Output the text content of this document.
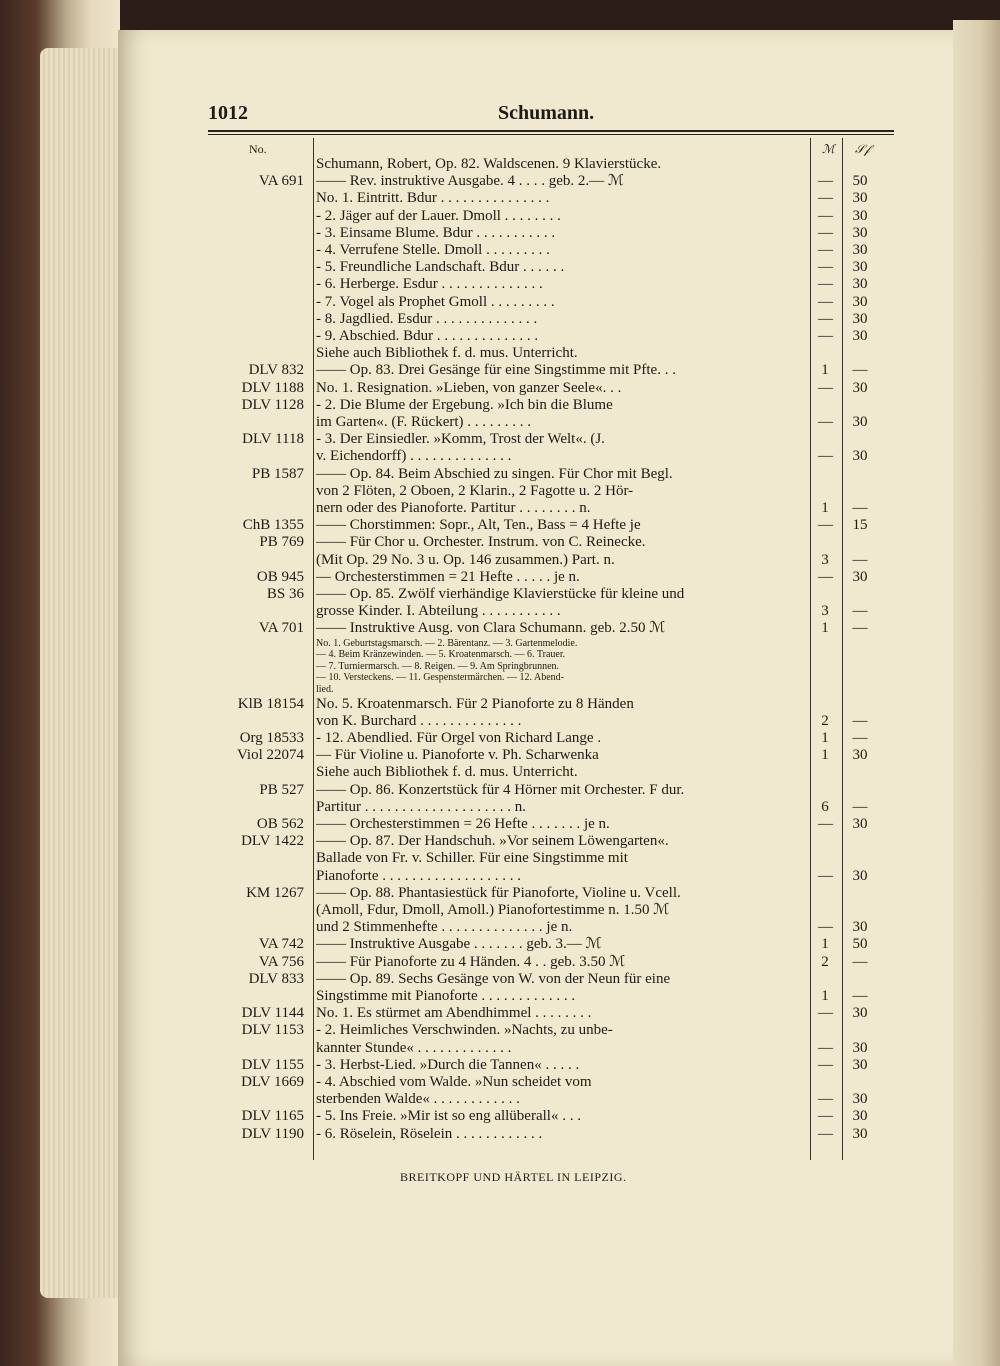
1012	Schumann.
No.	ℳ 𝒮𝒻
Schumann, Robert, Op. 82. Waldscenen. 9 Klavierstücke.
VA 691 —— Rev. instruktive Ausgabe. 4 . . . . geb. 2.— ℳ	— 50
No. 1. Eintritt. Bdur . . . . . . . . . . . . . . .	— 30
- 2. Jäger auf der Lauer. Dmoll . . . . . . . .	— 30
- 3. Einsame Blume. Bdur . . . . . . . . . . .	— 30
- 4. Verrufene Stelle. Dmoll . . . . . . . . .	— 30
- 5. Freundliche Landschaft. Bdur . . . . . .	— 30
- 6. Herberge. Esdur . . . . . . . . . . . . . .	— 30
- 7. Vogel als Prophet Gmoll . . . . . . . . .	— 30
- 8. Jagdlied. Esdur . . . . . . . . . . . . . .	— 30
- 9. Abschied. Bdur . . . . . . . . . . . . . .	— 30
Siehe auch Bibliothek f. d. mus. Unterricht.
DLV 832 —— Op. 83. Drei Gesänge für eine Singstimme mit Pfte. . .	1 —
DLV 1188 No. 1. Resignation. »Lieben, von ganzer Seele«. . .	— 30
DLV 1128 - 2. Die Blume der Ergebung. »Ich bin die Blume
im Garten«. (F. Rückert) . . . . . . . . .	— 30
DLV 1118 - 3. Der Einsiedler. »Komm, Trost der Welt«. (J.
v. Eichendorff) . . . . . . . . . . . . . .	— 30
PB 1587 —— Op. 84. Beim Abschied zu singen. Für Chor mit Begl.
von 2 Flöten, 2 Oboen, 2 Klarin., 2 Fagotte u. 2 Hör-
nern oder des Pianoforte. Partitur . . . . . . . . n.	1 —
ChB 1355 —— Chorstimmen: Sopr., Alt, Ten., Bass = 4 Hefte je	— 15
PB 769 —— Für Chor u. Orchester. Instrum. von C. Reinecke.
(Mit Op. 29 No. 3 u. Op. 146 zusammen.) Part. n.	3 —
OB 945 — Orchesterstimmen = 21 Hefte . . . . . je n.	— 30
BS 36 —— Op. 85. Zwölf vierhändige Klavierstücke für kleine und
grosse Kinder. I. Abteilung . . . . . . . . . . .	3 —
VA 701 —— Instruktive Ausg. von Clara Schumann. geb. 2.50 ℳ	1 —
No. 1. Geburtstagsmarsch. — 2. Bärentanz. — 3. Gartenmelodie.
— 4. Beim Kränzewinden. — 5. Kroatenmarsch. — 6. Trauer.
— 7. Turniermarsch. — 8. Reigen. — 9. Am Springbrunnen.
— 10. Versteckens. — 11. Gespenstermärchen. — 12. Abend-
lied.
KlB 18154 No. 5. Kroatenmarsch. Für 2 Pianoforte zu 8 Händen
von K. Burchard . . . . . . . . . . . . . .	2 —
Org 18533 - 12. Abendlied. Für Orgel von Richard Lange .	1 —
Viol 22074 — Für Violine u. Pianoforte v. Ph. Scharwenka	1 30
Siehe auch Bibliothek f. d. mus. Unterricht.
PB 527 —— Op. 86. Konzertstück für 4 Hörner mit Orchester. F dur.
Partitur . . . . . . . . . . . . . . . . . . . . n.	6 —
OB 562 —— Orchesterstimmen = 26 Hefte . . . . . . . je n.	— 30
DLV 1422 —— Op. 87. Der Handschuh. »Vor seinem Löwengarten«.
Ballade von Fr. v. Schiller. Für eine Singstimme mit
Pianoforte . . . . . . . . . . . . . . . . . . .	— 30
KM 1267 —— Op. 88. Phantasiestück für Pianoforte, Violine u. Vcell.
(Amoll, Fdur, Dmoll, Amoll.) Pianofortestimme n. 1.50 ℳ
und 2 Stimmenhefte . . . . . . . . . . . . . . je n.	— 30
VA 742 —— Instruktive Ausgabe . . . . . . . geb. 3.— ℳ	1 50
VA 756 —— Für Pianoforte zu 4 Händen. 4 . . geb. 3.50 ℳ	2 —
DLV 833 —— Op. 89. Sechs Gesänge von W. von der Neun für eine
Singstimme mit Pianoforte . . . . . . . . . . . . .	1 —
DLV 1144 No. 1. Es stürmet am Abendhimmel . . . . . . . .	— 30
DLV 1153 - 2. Heimliches Verschwinden. »Nachts, zu unbe-
kannter Stunde« . . . . . . . . . . . . .	— 30
DLV 1155 - 3. Herbst-Lied. »Durch die Tannen« . . . . .	— 30
DLV 1669 - 4. Abschied vom Walde. »Nun scheidet vom
sterbenden Walde« . . . . . . . . . . . .	— 30
DLV 1165 - 5. Ins Freie. »Mir ist so eng allüberall« . . .	— 30
DLV 1190 - 6. Röselein, Röselein . . . . . . . . . . . .	— 30
BREITKOPF UND HÄRTEL IN LEIPZIG.
